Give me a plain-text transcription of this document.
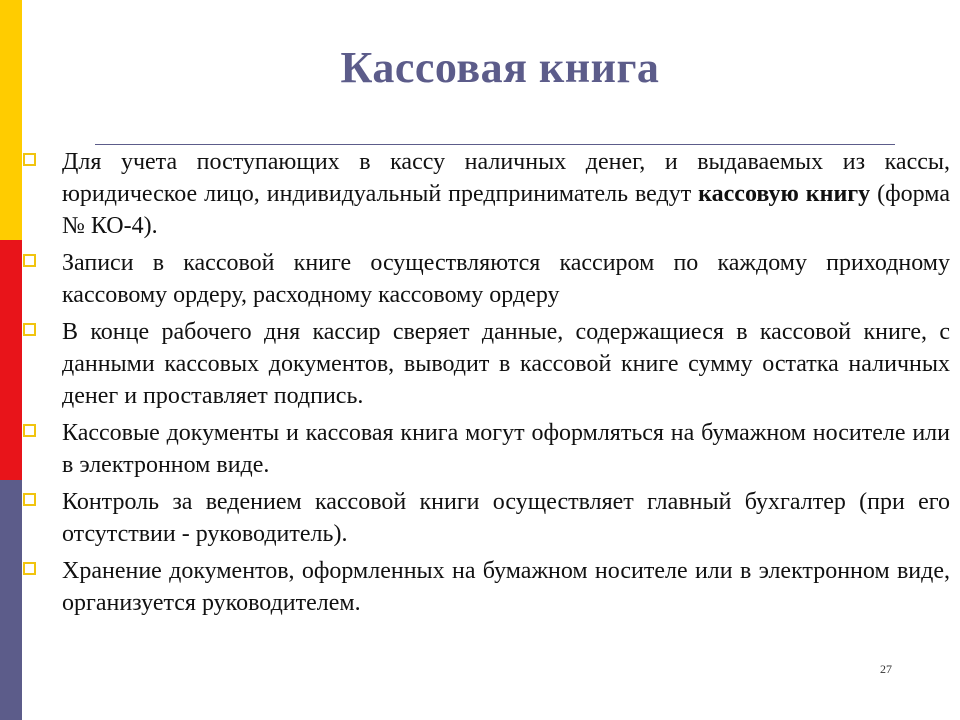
Кассовая книга
Для учета поступающих в кассу наличных денег, и выдаваемых из кассы, юридическое лицо, индивидуальный предприниматель ведут кассовую книгу (форма № КО-4).
Записи в кассовой книге осуществляются кассиром по каждому приходному кассовому ордеру, расходному кассовому ордеру
В конце рабочего дня кассир сверяет данные, содержащиеся в кассовой книге, с данными кассовых документов, выводит в кассовой книге сумму остатка наличных денег и проставляет подпись.
Кассовые документы и кассовая книга могут оформляться на бумажном носителе или в электронном виде.
Контроль за ведением кассовой книги осуществляет главный бухгалтер (при его отсутствии - руководитель).
Хранение документов, оформленных на бумажном носителе или в электронном виде, организуется руководителем.
27
